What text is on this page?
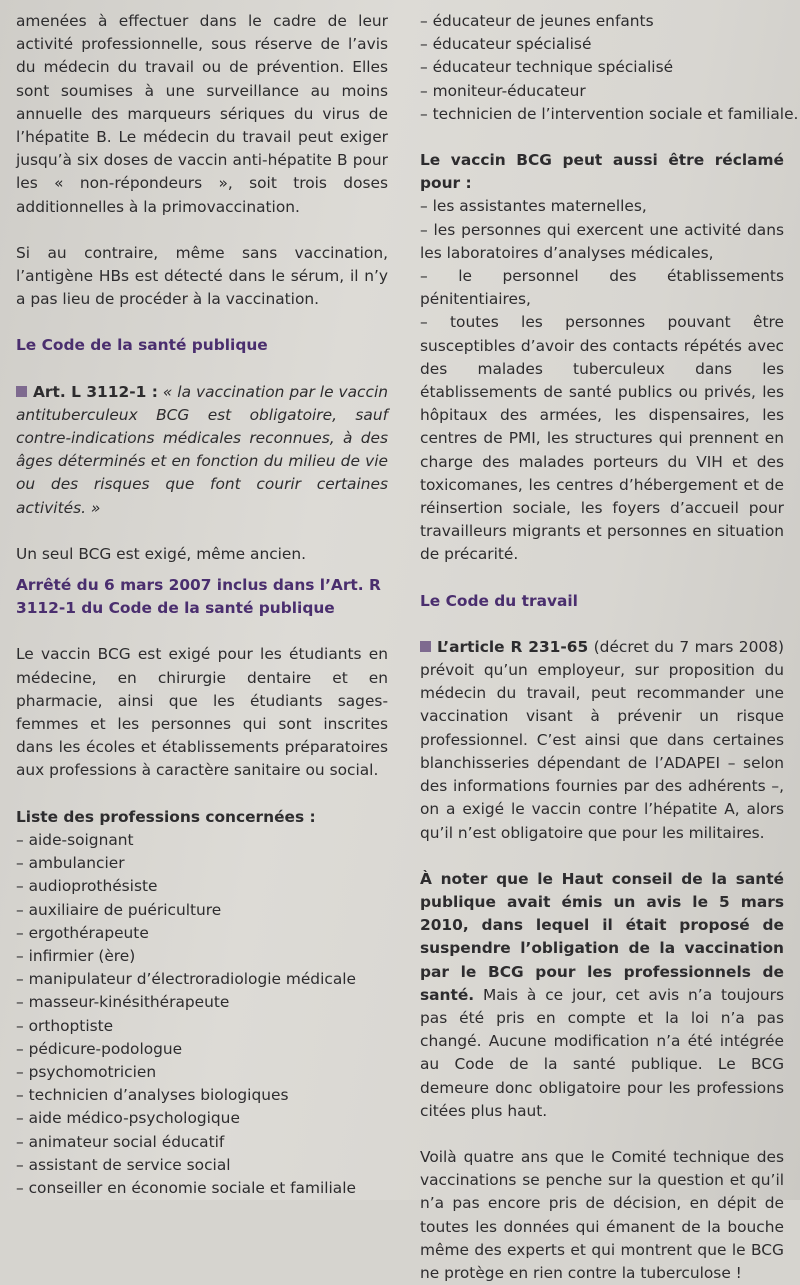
amenées à effectuer dans le cadre de leur activité professionnelle, sous réserve de l’avis du médecin du travail ou de prévention. Elles sont soumises à une surveillance au moins annuelle des marqueurs sériques du virus de l’hépatite B. Le médecin du travail peut exiger jusqu’à six doses de vaccin anti-hépatite B pour les « non-répondeurs », soit trois doses additionnelles à la primovaccination.

Si au contraire, même sans vaccination, l’antigène HBs est détecté dans le sérum, il n’y a pas lieu de procéder à la vaccination.

Le Code de la santé publique

Art. L 3112-1 : « la vaccination par le vaccin antituberculeux BCG est obligatoire, sauf contre-indications médicales reconnues, à des âges déterminés et en fonction du milieu de vie ou des risques que font courir certaines activités. »

Un seul BCG est exigé, même ancien.

Arrêté du 6 mars 2007 inclus dans l’Art. R 3112-1 du Code de la santé publique

Le vaccin BCG est exigé pour les étudiants en médecine, en chirurgie dentaire et en pharmacie, ainsi que les étudiants sages-femmes et les personnes qui sont inscrites dans les écoles et établissements préparatoires aux professions à caractère sanitaire ou social.

Liste des professions concernées :

– aide-soignant
– ambulancier
– audioprothésiste
– auxiliaire de puériculture
– ergothérapeute
– infirmier (ère)
– manipulateur d’électroradiologie médicale
– masseur-kinésithérapeute
– orthoptiste
– pédicure-podologue
– psychomotricien
– technicien d’analyses biologiques
– aide médico-psychologique
– animateur social éducatif
– assistant de service social
– conseiller en économie sociale et familiale
– éducateur de jeunes enfants
– éducateur spécialisé
– éducateur technique spécialisé
– moniteur-éducateur
– technicien de l’intervention sociale et familiale.

Le vaccin BCG peut aussi être réclamé pour :

– les assistantes maternelles,

– les personnes qui exercent une activité dans les laboratoires d’analyses médicales,

– le personnel des établissements pénitentiaires,

– toutes les personnes pouvant être susceptibles d’avoir des contacts répétés avec des malades tuberculeux dans les établissements de santé publics ou privés, les hôpitaux des armées, les dispensaires, les centres de PMI, les structures qui prennent en charge des malades porteurs du VIH et des toxicomanes, les centres d’hébergement et de réinsertion sociale, les foyers d’accueil pour travailleurs migrants et personnes en situation de précarité.

Le Code du travail

L’article R 231-65 (décret du 7 mars 2008) prévoit qu’un employeur, sur proposition du médecin du travail, peut recommander une vaccination visant à prévenir un risque professionnel. C’est ainsi que dans certaines blanchisseries dépendant de l’ADAPEI – selon des informations fournies par des adhérents –, on a exigé le vaccin contre l’hépatite A, alors qu’il n’est obligatoire que pour les militaires.

À noter que le Haut conseil de la santé publique avait émis un avis le 5 mars 2010, dans lequel il était proposé de suspendre l’obligation de la vaccination par le BCG pour les professionnels de santé. Mais à ce jour, cet avis n’a toujours pas été pris en compte et la loi n’a pas changé. Aucune modification n’a été intégrée au Code de la santé publique. Le BCG demeure donc obligatoire pour les professions citées plus haut.

Voilà quatre ans que le Comité technique des vaccinations se penche sur la question et qu’il n’a pas encore pris de décision, en dépit de toutes les données qui émanent de la bouche même des experts et qui montrent que le BCG ne protège en rien contre la tuberculose !
